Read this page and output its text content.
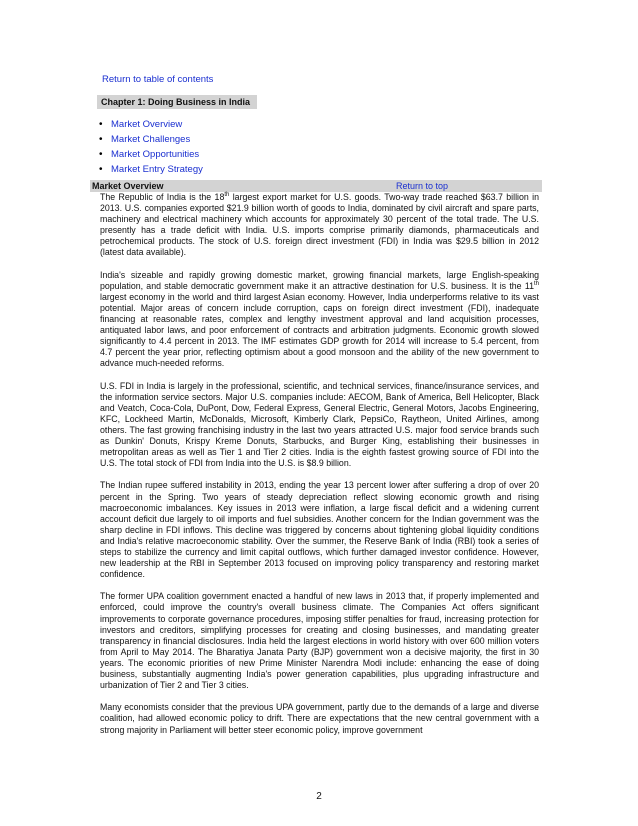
Return to table of contents
Chapter 1: Doing Business in India
• Market Overview
• Market Challenges
• Market Opportunities
• Market Entry Strategy
Market Overview	Return to top

The Republic of India is the 18th largest export market for U.S. goods. Two-way trade reached $63.7 billion in 2013. U.S. companies exported $21.9 billion worth of goods to India, dominated by civil aircraft and spare parts, machinery and electrical machinery which accounts for approximately 30 percent of the total trade. The U.S. presently has a trade deficit with India. U.S. imports comprise primarily diamonds, pharmaceuticals and petrochemical products. The stock of U.S. foreign direct investment (FDI) in India was $29.5 billion in 2012 (latest data available).

India's sizeable and rapidly growing domestic market, growing financial markets, large English-speaking population, and stable democratic government make it an attractive destination for U.S. business. It is the 11th largest economy in the world and third largest Asian economy. However, India underperforms relative to its vast potential. Major areas of concern include corruption, caps on foreign direct investment (FDI), inadequate financing at reasonable rates, complex and lengthy investment approval and land acquisition processes, antiquated labor laws, and poor enforcement of contracts and arbitration judgments. Economic growth slowed significantly to 4.4 percent in 2013. The IMF estimates GDP growth for 2014 will increase to 5.4 percent, from 4.7 percent the year prior, reflecting optimism about a good monsoon and the ability of the new government to advance much-needed reforms.

U.S. FDI in India is largely in the professional, scientific, and technical services, finance/insurance services, and the information service sectors. Major U.S. companies include: AECOM, Bank of America, Bell Helicopter, Black and Veatch, Coca-Cola, DuPont, Dow, Federal Express, General Electric, General Motors, Jacobs Engineering, KFC, Lockheed Martin, McDonalds, Microsoft, Kimberly Clark, PepsiCo, Raytheon, United Airlines, among others. The fast growing franchising industry in the last two years attracted U.S. major food service brands such as Dunkin' Donuts, Krispy Kreme Donuts, Starbucks, and Burger King, establishing their businesses in metropolitan areas as well as Tier 1 and Tier 2 cities. India is the eighth fastest growing source of FDI into the U.S. The total stock of FDI from India into the U.S. is $8.9 billion.

The Indian rupee suffered instability in 2013, ending the year 13 percent lower after suffering a drop of over 20 percent in the Spring. Two years of steady depreciation reflect slowing economic growth and rising macroeconomic imbalances. Key issues in 2013 were inflation, a large fiscal deficit and a widening current account deficit due largely to oil imports and fuel subsidies. Another concern for the Indian government was the sharp decline in FDI inflows. This decline was triggered by concerns about tightening global liquidity conditions and India's relative macroeconomic stability. Over the summer, the Reserve Bank of India (RBI) took a series of steps to stabilize the currency and limit capital outflows, which further damaged investor confidence. However, new leadership at the RBI in September 2013 focused on improving policy transparency and restoring market confidence.

The former UPA coalition government enacted a handful of new laws in 2013 that, if properly implemented and enforced, could improve the country's overall business climate. The Companies Act offers significant improvements to corporate governance procedures, imposing stiffer penalties for fraud, increasing protection for investors and creditors, simplifying processes for creating and closing businesses, and mandating greater transparency in financial disclosures. India held the largest elections in world history with over 600 million voters from April to May 2014. The Bharatiya Janata Party (BJP) government won a decisive majority, the first in 30 years. The economic priorities of new Prime Minister Narendra Modi include: enhancing the ease of doing business, substantially augmenting India's power generation capabilities, plus upgrading infrastructure and urbanization of Tier 2 and Tier 3 cities.

Many economists consider that the previous UPA government, partly due to the demands of a large and diverse coalition, had allowed economic policy to drift. There are expectations that the new central government with a strong majority in Parliament will better steer economic policy, improve government

2
